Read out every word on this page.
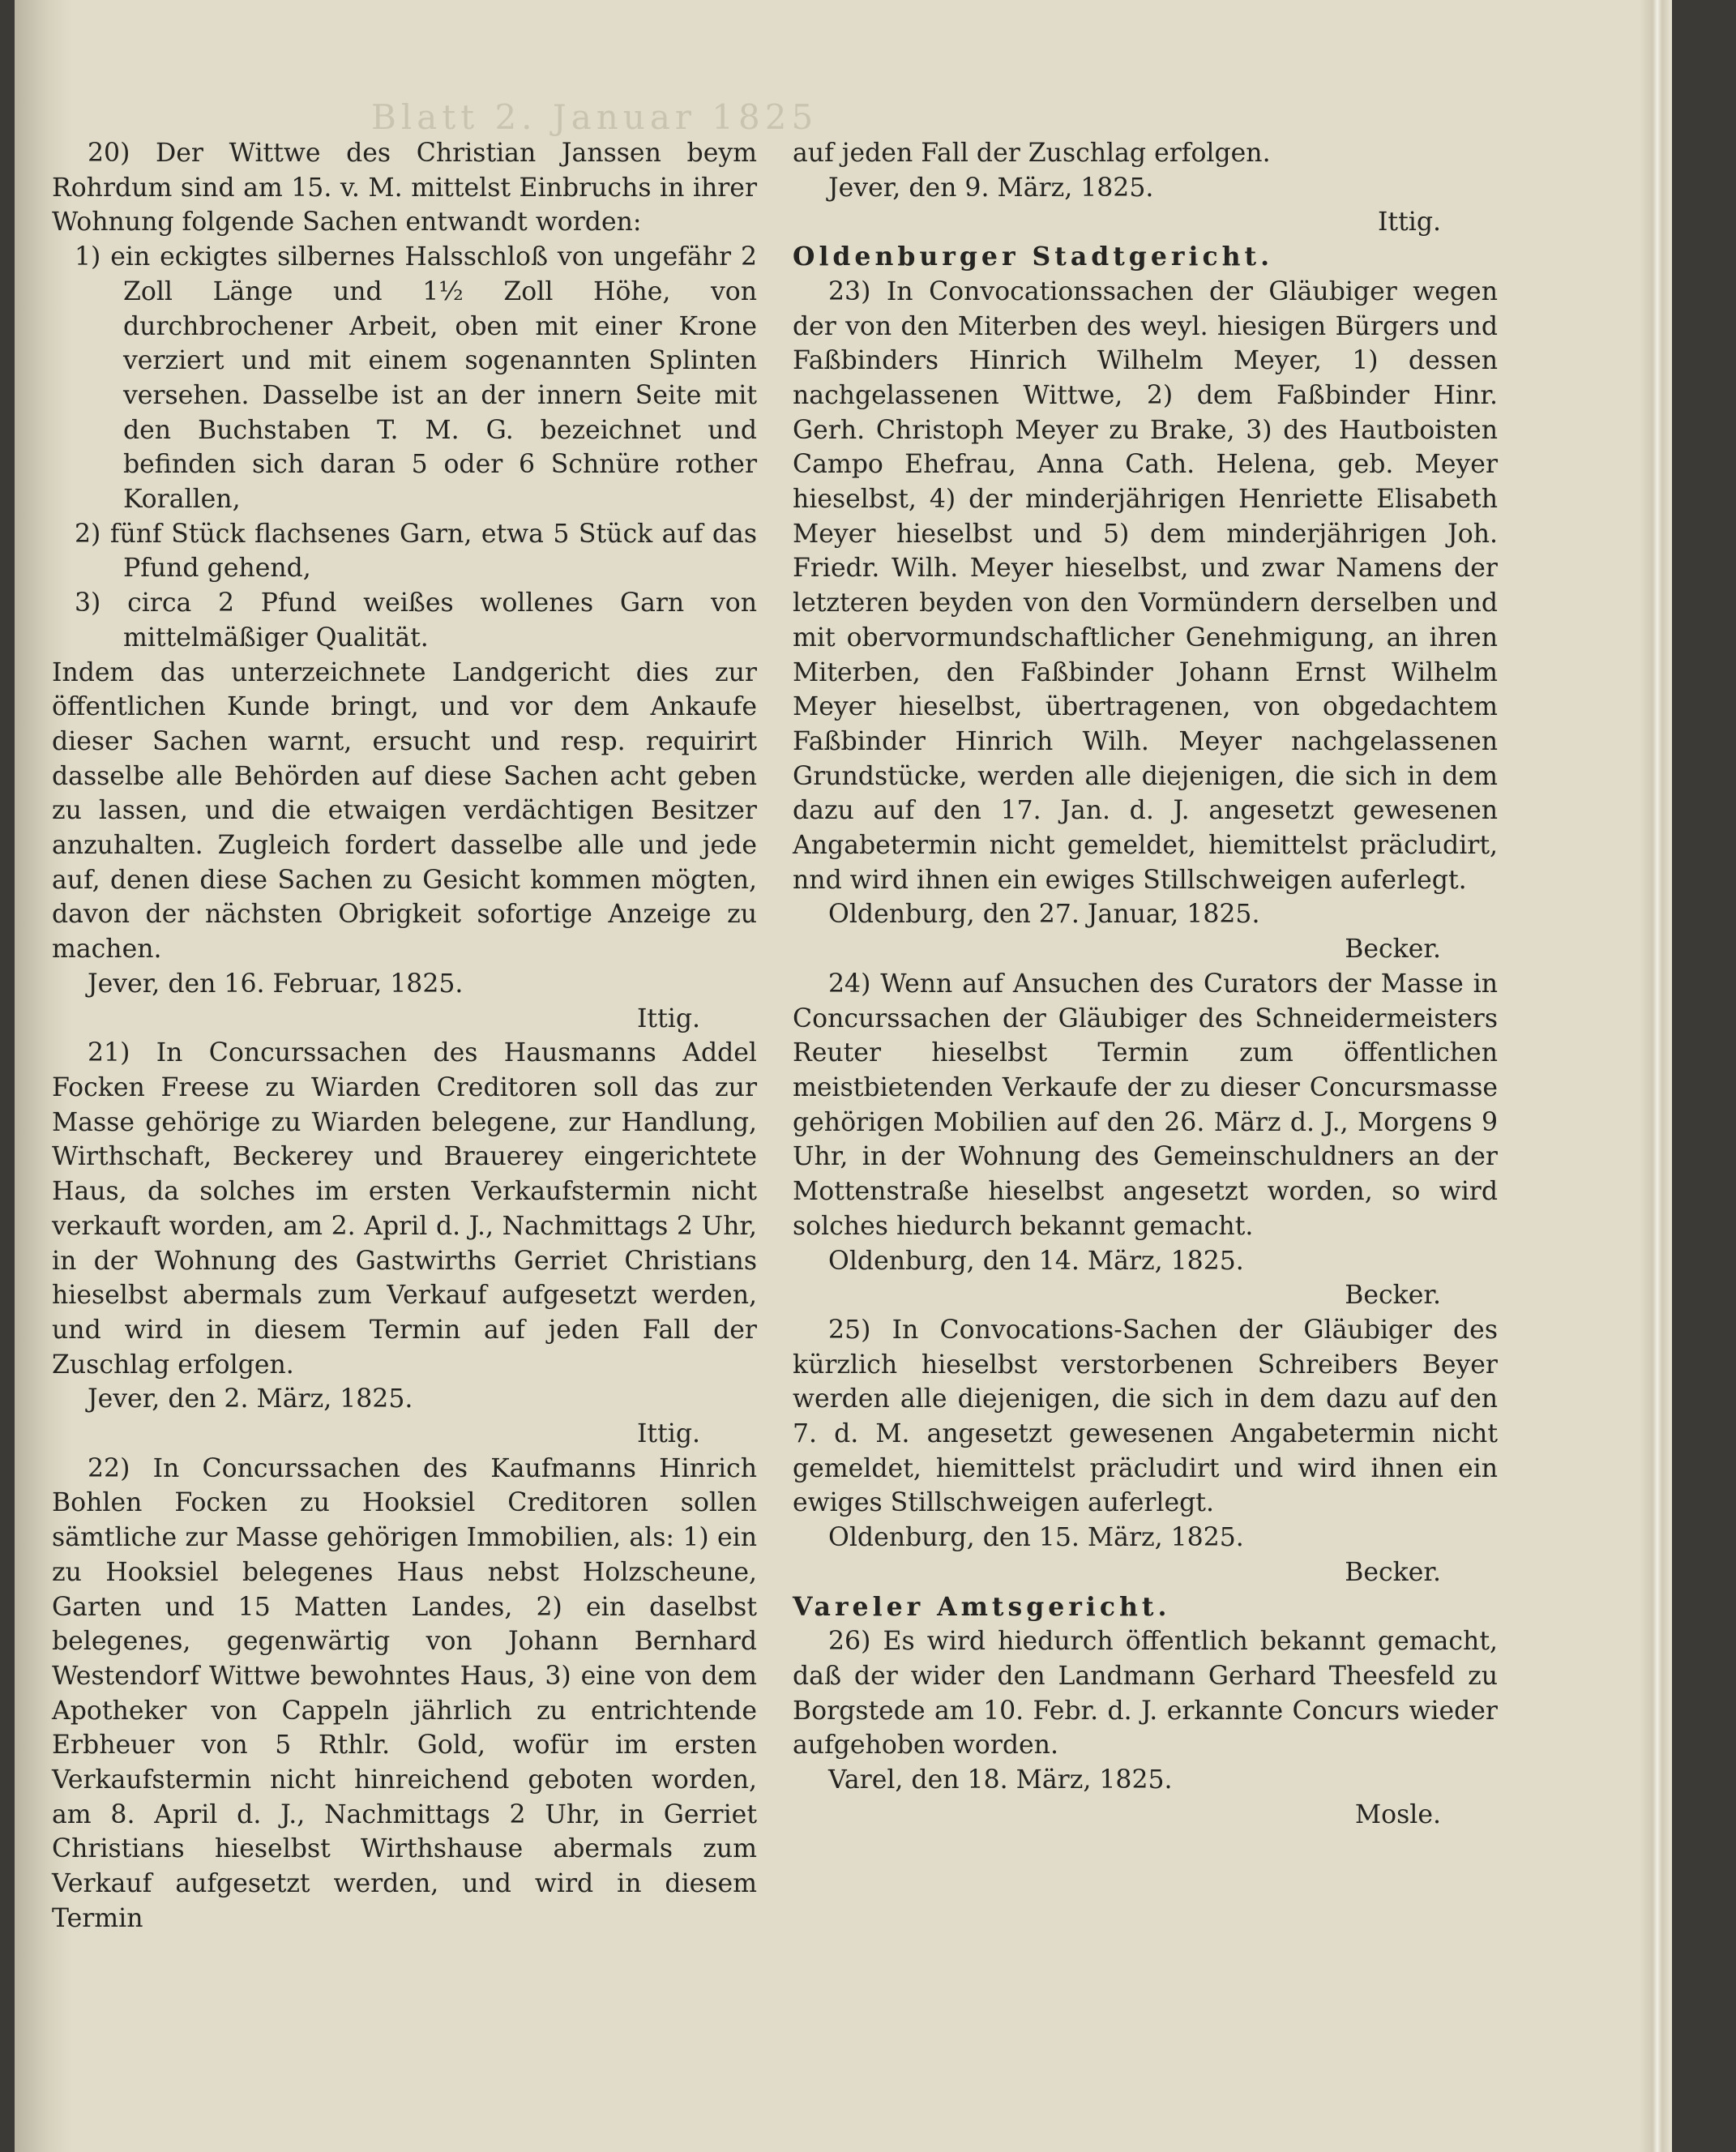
Blatt 2. Januar 1825

20) Der Wittwe des Christian Janssen beym Rohrdum sind am 15. v. M. mittelst Einbruchs in ihrer Wohnung folgende Sachen entwandt worden:

1) ein eckigtes silbernes Halsschloß von ungefähr 2 Zoll Länge und 1½ Zoll Höhe, von durchbrochener Arbeit, oben mit einer Krone verziert und mit einem sogenannten Splinten versehen. Dasselbe ist an der innern Seite mit den Buchstaben T. M. G. bezeichnet und befinden sich daran 5 oder 6 Schnüre rother Korallen,

2) fünf Stück flachsenes Garn, etwa 5 Stück auf das Pfund gehend,

3) circa 2 Pfund weißes wollenes Garn von mittelmäßiger Qualität.

Indem das unterzeichnete Landgericht dies zur öffentlichen Kunde bringt, und vor dem Ankaufe dieser Sachen warnt, ersucht und resp. requirirt dasselbe alle Behörden auf diese Sachen acht geben zu lassen, und die etwaigen verdächtigen Besitzer anzuhalten. Zugleich fordert dasselbe alle und jede auf, denen diese Sachen zu Gesicht kommen mögten, davon der nächsten Obrigkeit sofortige Anzeige zu machen.

Jever, den 16. Februar, 1825.

Ittig.

21) In Concurssachen des Hausmanns Addel Focken Freese zu Wiarden Creditoren soll das zur Masse gehörige zu Wiarden belegene, zur Handlung, Wirthschaft, Beckerey und Brauerey eingerichtete Haus, da solches im ersten Verkaufstermin nicht verkauft worden, am 2. April d. J., Nachmittags 2 Uhr, in der Wohnung des Gastwirths Gerriet Christians hieselbst abermals zum Verkauf aufgesetzt werden, und wird in diesem Termin auf jeden Fall der Zuschlag erfolgen.

Jever, den 2. März, 1825.

Ittig.

22) In Concurssachen des Kaufmanns Hinrich Bohlen Focken zu Hooksiel Creditoren sollen sämtliche zur Masse gehörigen Immobilien, als: 1) ein zu Hooksiel belegenes Haus nebst Holzscheune, Garten und 15 Matten Landes, 2) ein daselbst belegenes, gegenwärtig von Johann Bernhard Westendorf Wittwe bewohntes Haus, 3) eine von dem Apotheker von Cappeln jährlich zu entrichtende Erbheuer von 5 Rthlr. Gold, wofür im ersten Verkaufstermin nicht hinreichend geboten worden, am 8. April d. J., Nachmittags 2 Uhr, in Gerriet Christians hieselbst Wirthshause abermals zum Verkauf aufgesetzt werden, und wird in diesem Termin

auf jeden Fall der Zuschlag erfolgen.

Jever, den 9. März, 1825.

Ittig.

Oldenburger Stadtgericht.

23) In Convocationssachen der Gläubiger wegen der von den Miterben des weyl. hiesigen Bürgers und Faßbinders Hinrich Wilhelm Meyer, 1) dessen nachgelassenen Wittwe, 2) dem Faßbinder Hinr. Gerh. Christoph Meyer zu Brake, 3) des Hautboisten Campo Ehefrau, Anna Cath. Helena, geb. Meyer hieselbst, 4) der minderjährigen Henriette Elisabeth Meyer hieselbst und 5) dem minderjährigen Joh. Friedr. Wilh. Meyer hieselbst, und zwar Namens der letzteren beyden von den Vormündern derselben und mit obervormundschaftlicher Genehmigung, an ihren Miterben, den Faßbinder Johann Ernst Wilhelm Meyer hieselbst, übertragenen, von obgedachtem Faßbinder Hinrich Wilh. Meyer nachgelassenen Grundstücke, werden alle diejenigen, die sich in dem dazu auf den 17. Jan. d. J. angesetzt gewesenen Angabetermin nicht gemeldet, hiemittelst präcludirt, nnd wird ihnen ein ewiges Stillschweigen auferlegt.

Oldenburg, den 27. Januar, 1825.

Becker.

24) Wenn auf Ansuchen des Curators der Masse in Concurssachen der Gläubiger des Schneidermeisters Reuter hieselbst Termin zum öffentlichen meistbietenden Verkaufe der zu dieser Concursmasse gehörigen Mobilien auf den 26. März d. J., Morgens 9 Uhr, in der Wohnung des Gemeinschuldners an der Mottenstraße hieselbst angesetzt worden, so wird solches hiedurch bekannt gemacht.

Oldenburg, den 14. März, 1825.

Becker.

25) In Convocations-Sachen der Gläubiger des kürzlich hieselbst verstorbenen Schreibers Beyer werden alle diejenigen, die sich in dem dazu auf den 7. d. M. angesetzt gewesenen Angabetermin nicht gemeldet, hiemittelst präcludirt und wird ihnen ein ewiges Stillschweigen auferlegt.

Oldenburg, den 15. März, 1825.

Becker.

Vareler Amtsgericht.

26) Es wird hiedurch öffentlich bekannt gemacht, daß der wider den Landmann Gerhard Theesfeld zu Borgstede am 10. Febr. d. J. erkannte Concurs wieder aufgehoben worden.

Varel, den 18. März, 1825.

Mosle.
